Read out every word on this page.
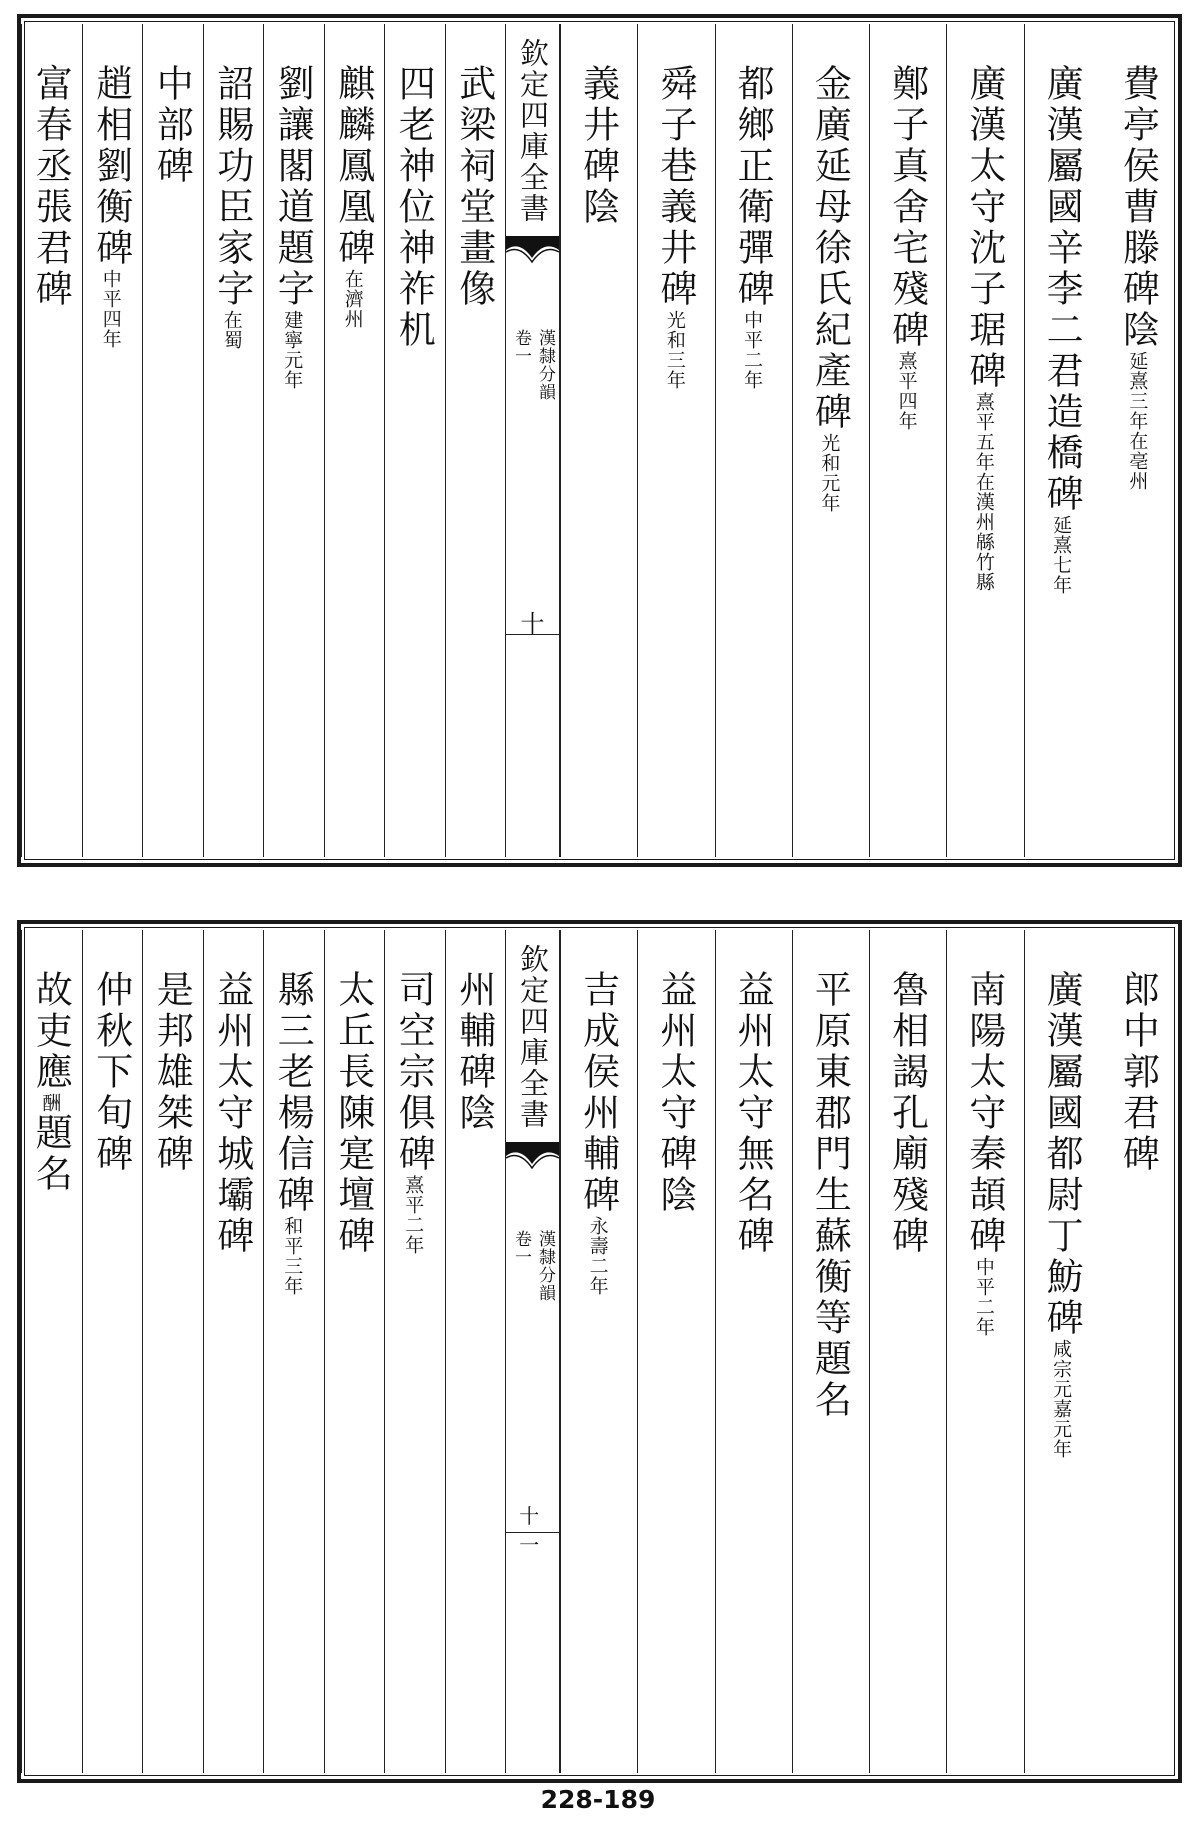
費亭侯曹滕碑陰延熹三年在亳州
廣漢屬國辛李二君造橋碑延熹七年
廣漢太守沈子琚碑熹平五年在漢州緜竹縣
鄭子真舍宅殘碑熹平四年
金廣延母徐氏紀產碑光和元年
都鄉正衛彈碑中平二年
舜子巷義井碑光和三年
義井碑陰
武梁祠堂畫像
四老神位神祚机
麒麟鳳凰碑在濟州
劉讓閣道題字建寧元年
詔賜功臣家字在蜀
中部碑
趙相劉衡碑中平四年
富春丞張君碑	欽定四庫全書
漢隸分韻
卷一
十
郎中郭君碑
廣漢屬國都尉丁魴碑咸宗元嘉元年
南陽太守秦頡碑中平二年
魯相謁孔廟殘碑
平原東郡門生蘇衡等題名
益州太守無名碑
益州太守碑陰
吉成侯州輔碑永壽二年
州輔碑陰
司空宗俱碑熹平二年
太丘長陳寔壇碑
縣三老楊信碑和平三年
益州太守城壩碑
是邦雄桀碑
仲秋下旬碑
故吏應酬題名
欽定四庫全書
漢隸分韻
卷一
十一
228-189
